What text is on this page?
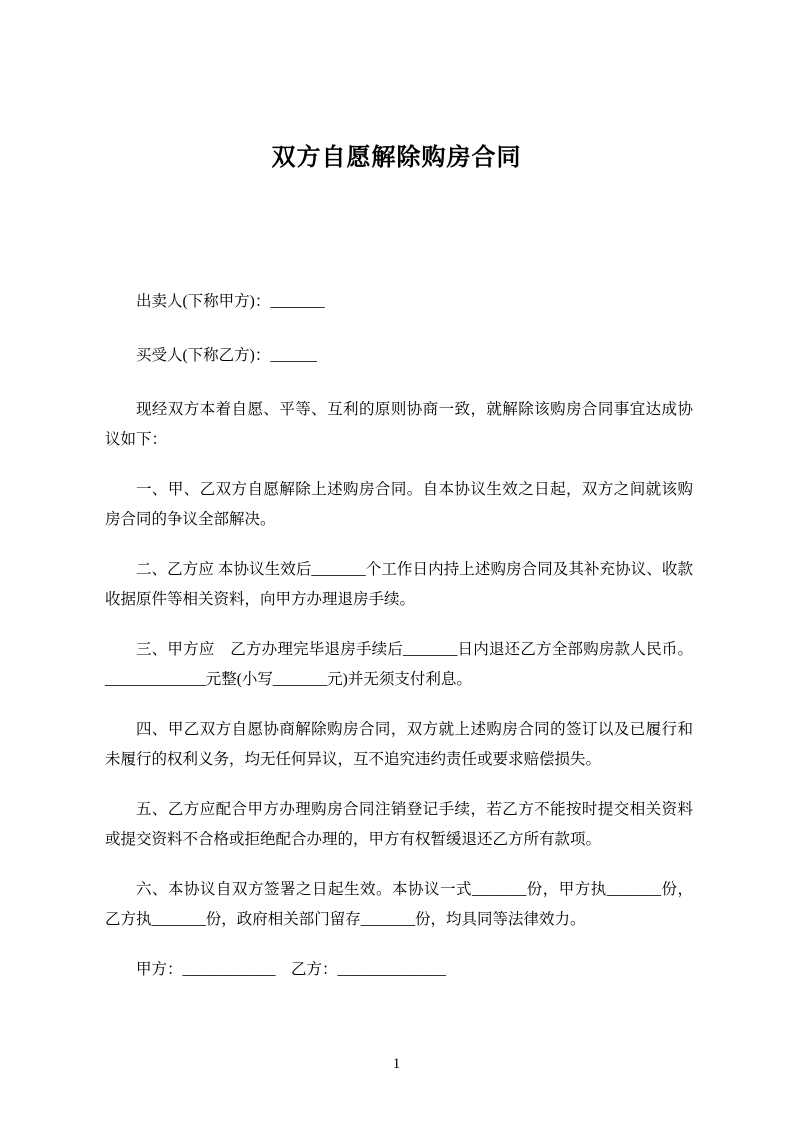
双方自愿解除购房合同

出卖人(下称甲方)：_______

买受人(下称乙方)：______

现经双方本着自愿、平等、互利的原则协商一致，就解除该购房合同事宜达成协议如下：

一、甲、乙双方自愿解除上述购房合同。自本协议生效之日起，双方之间就该购房合同的争议全部解决。

二、乙方应 本协议生效后_______个工作日内持上述购房合同及其补充协议、收款收据原件等相关资料，向甲方办理退房手续。

三、甲方应　乙方办理完毕退房手续后_______日内退还乙方全部购房款人民币。_____________元整(小写_______元)并无须支付利息。

四、甲乙双方自愿协商解除购房合同，双方就上述购房合同的签订以及已履行和未履行的权利义务，均无任何异议，互不追究违约责任或要求赔偿损失。

五、乙方应配合甲方办理购房合同注销登记手续，若乙方不能按时提交相关资料或提交资料不合格或拒绝配合办理的，甲方有权暂缓退还乙方所有款项。

六、本协议自双方签署之日起生效。本协议一式_______份，甲方执_______份，乙方执_______份，政府相关部门留存_______份，均具同等法律效力。

甲方：____________　乙方：______________

1
